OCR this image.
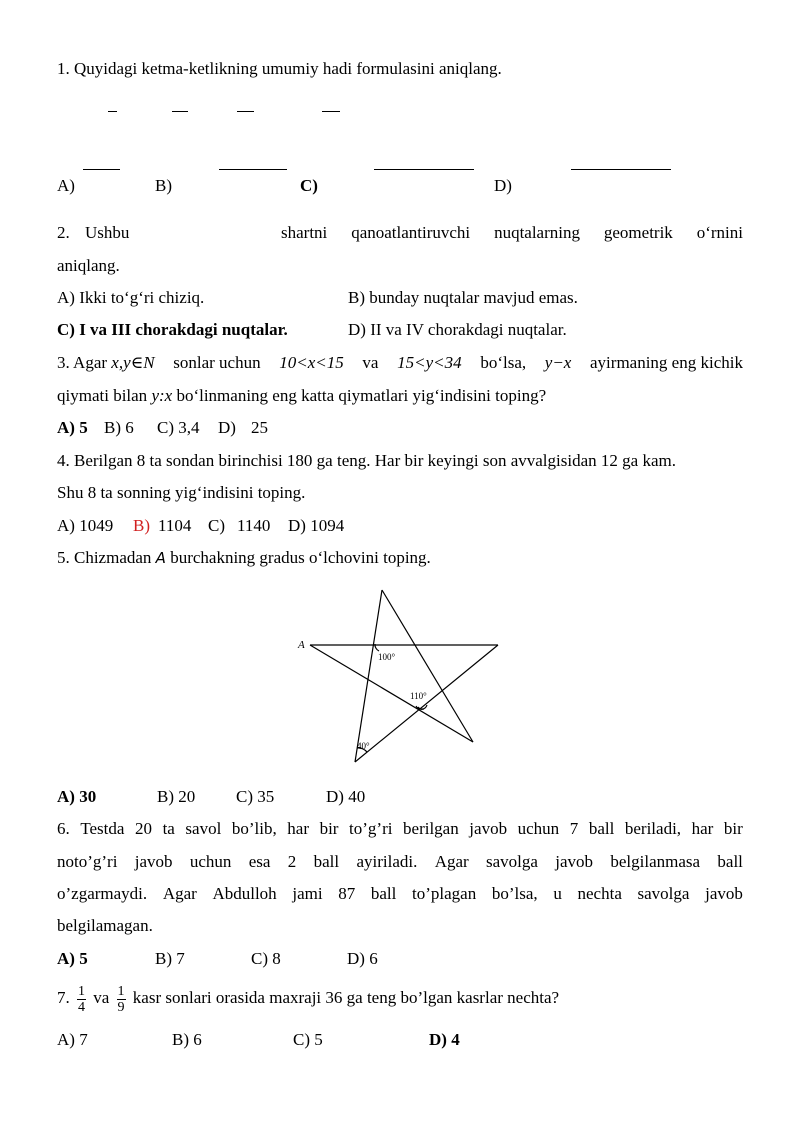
1. Quyidagi ketma-ketlikning umumiy hadi formulasini aniqlang.
A)	B)	C)	D)
2. Ushbu	shartni qanoatlantiruvchi nuqtalarning geometrik o‘rnini
aniqlang.
A) Ikki to‘g‘ri chiziq.	B) bunday nuqtalar mavjud emas.
C) I va III chorakdagi nuqtalar.	D) II va IV chorakdagi nuqtalar.
3. Agar x,y∈N sonlar uchun 10<x<15 va 15<y<34 bo‘lsa, y−x ayirmaning eng kichik
qiymati bilan y:x bo‘linmaning eng katta qiymatlari yig‘indisini toping?
A) 5 B) 6 C) 3,4 D) 25
4. Berilgan 8 ta sondan birinchisi 180 ga teng. Har bir keyingi son avvalgisidan 12 ga kam.
Shu 8 ta sonning yig‘indisini toping.
A) 1049 B) 1104 C) 1140 D) 1094
5. Chizmadan A burchakning gradus o‘lchovini toping.
A
100°
110°
40°
A) 30	B) 20 C) 35	D) 40
6. Testda 20 ta savol bo’lib, har bir to’g’ri berilgan javob uchun 7 ball beriladi, har bir
noto’g’ri javob uchun esa 2 ball ayiriladi. Agar savolga javob belgilanmasa ball
o’zgarmaydi. Agar Abdulloh jami 87 ball to’plagan bo’lsa, u nechta savolga javob
belgilamagan.
A) 5	B) 7	C) 8	D) 6
7. $\frac{1}{4}$ va $\frac{1}{9}$ kasr sonlari orasida maxraji 36 ga teng bo’lgan kasrlar nechta?
A) 7	B) 6	C) 5	D) 4
